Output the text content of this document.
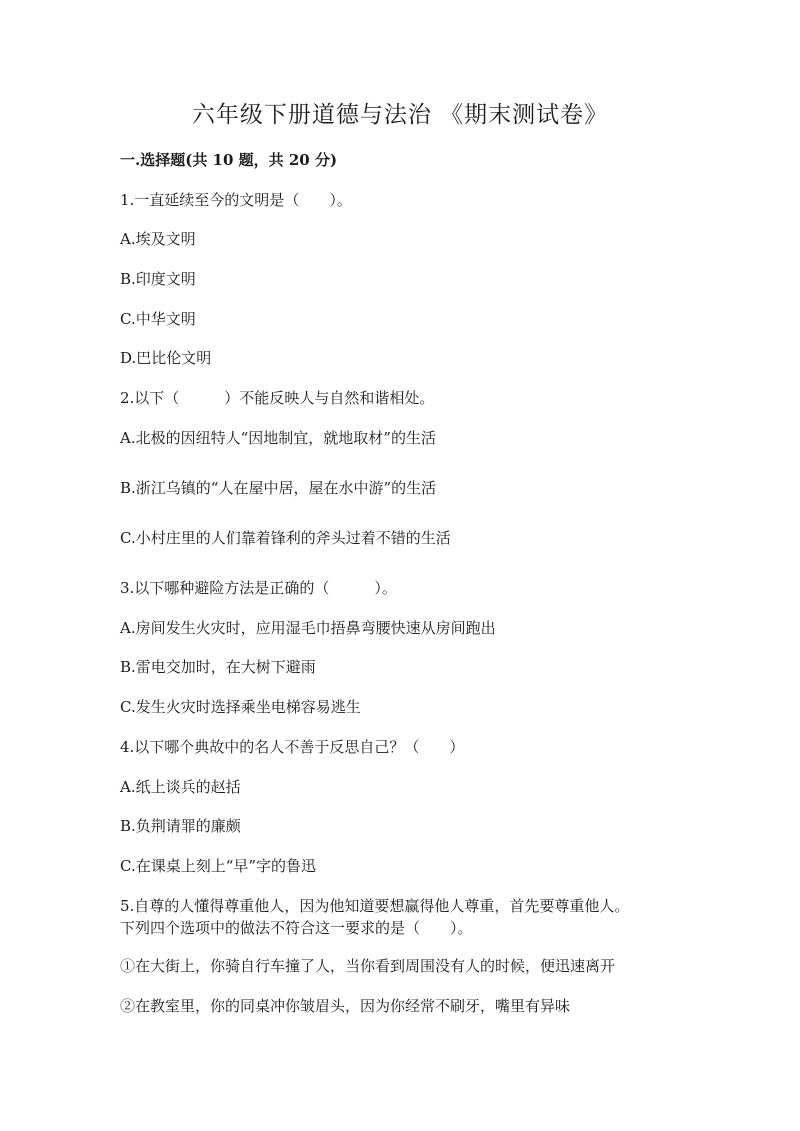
六年级下册道德与法治 《期末测试卷》
一.选择题(共 10 题，共 20 分)
1.一直延续至今的文明是（　　）。
A.埃及文明
B.印度文明
C.中华文明
D.巴比伦文明
2.以下（　　　）不能反映人与自然和谐相处。
A.北极的因纽特人“因地制宜，就地取材”的生活
B.浙江乌镇的“人在屋中居，屋在水中游”的生活
C.小村庄里的人们靠着锋利的斧头过着不错的生活
3.以下哪种避险方法是正确的（　　　）。
A.房间发生火灾时，应用湿毛巾捂鼻弯腰快速从房间跑出
B.雷电交加时，在大树下避雨
C.发生火灾时选择乘坐电梯容易逃生
4.以下哪个典故中的名人不善于反思自己？（　　）
A.纸上谈兵的赵括
B.负荆请罪的廉颇
C.在课桌上刻上“早”字的鲁迅
5.自尊的人懂得尊重他人，因为他知道要想赢得他人尊重，首先要尊重他人。
下列四个选项中的做法不符合这一要求的是（　　）。
①在大街上，你骑自行车撞了人，当你看到周围没有人的时候，便迅速离开
②在教室里，你的同桌冲你皱眉头，因为你经常不刷牙，嘴里有异味
